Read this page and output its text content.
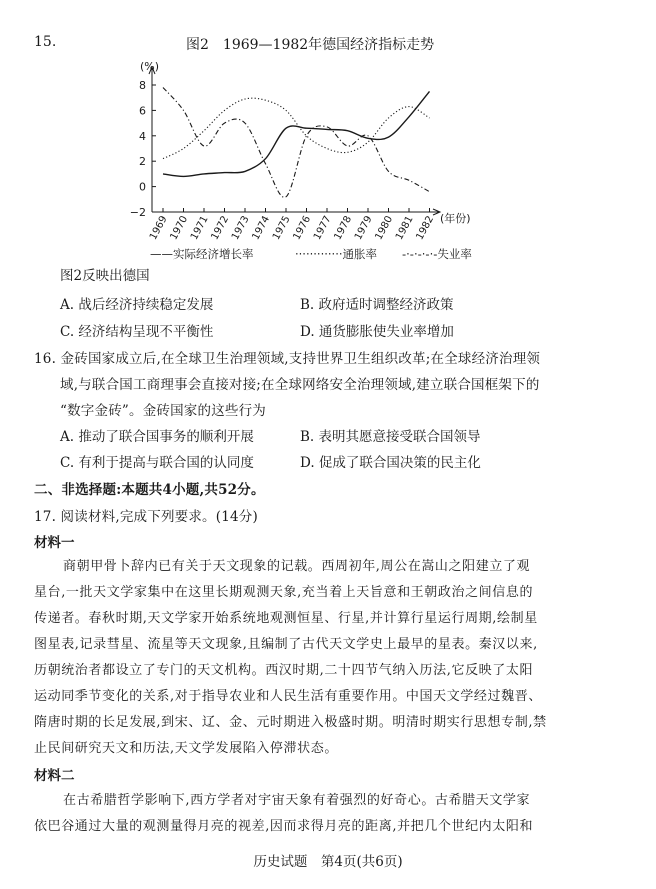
15.	图2　1969—1982年德国经济指标走势
1969
1970
1971
1972
1973
1974
1975
1976
1977
1978
1979
1980
1981
1982
−2
0
2
4
6
8
(%)
(年份)
——实际经济增长率	·············通胀率 -·-·-·-·-失业率
图2反映出德国
A. 战后经济持续稳定发展	B. 政府适时调整经济政策
C. 经济结构呈现不平衡性	D. 通货膨胀使失业率增加
16. 金砖国家成立后,在全球卫生治理领域,支持世界卫生组织改革;在全球经济治理领
域,与联合国工商理事会直接对接;在全球网络安全治理领域,建立联合国框架下的
“数字金砖”。金砖国家的这些行为
A. 推动了联合国事务的顺利开展	B. 表明其愿意接受联合国领导
C. 有利于提高与联合国的认同度	D. 促成了联合国决策的民主化
二、非选择题:本题共4小题,共52分。
17. 阅读材料,完成下列要求。(14分)
材料一
商朝甲骨卜辞内已有关于天文现象的记载。西周初年,周公在嵩山之阳建立了观
星台,一批天文学家集中在这里长期观测天象,充当着上天旨意和王朝政治之间信息的
传递者。春秋时期,天文学家开始系统地观测恒星、行星,并计算行星运行周期,绘制星
图星表,记录彗星、流星等天文现象,且编制了古代天文学史上最早的星表。秦汉以来,
历朝统治者都设立了专门的天文机构。西汉时期,二十四节气纳入历法,它反映了太阳
运动同季节变化的关系,对于指导农业和人民生活有重要作用。中国天文学经过魏晋、
隋唐时期的长足发展,到宋、辽、金、元时期进入极盛时期。明清时期实行思想专制,禁
止民间研究天文和历法,天文学发展陷入停滞状态。
材料二
在古希腊哲学影响下,西方学者对宇宙天象有着强烈的好奇心。古希腊天文学家
依巴谷通过大量的观测量得月亮的视差,因而求得月亮的距离,并把几个世纪内太阳和
历史试题　第4页(共6页)
